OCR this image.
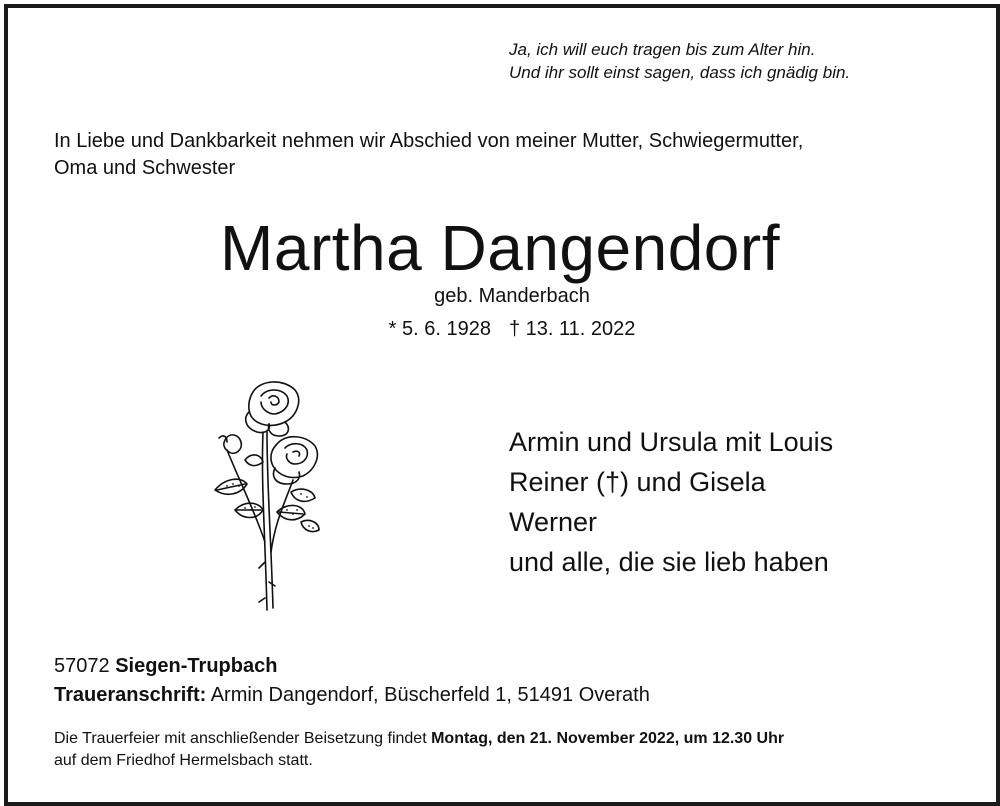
Ja, ich will euch tragen bis zum Alter hin.
Und ihr sollt einst sagen, dass ich gnädig bin.
In Liebe und Dankbarkeit nehmen wir Abschied von meiner Mutter, Schwiegermutter,
Oma und Schwester
Martha Dangendorf
geb. Manderbach
* 5. 6. 1928 † 13. 11. 2022
Armin und Ursula mit Louis
Reiner (†) und Gisela
Werner
und alle, die sie lieb haben
57072 Siegen-Trupbach
Traueranschrift: Armin Dangendorf, Büscherfeld 1, 51491 Overath
Die Trauerfeier mit anschließender Beisetzung findet Montag, den 21. November 2022, um 12.30 Uhr
auf dem Friedhof Hermelsbach statt.
